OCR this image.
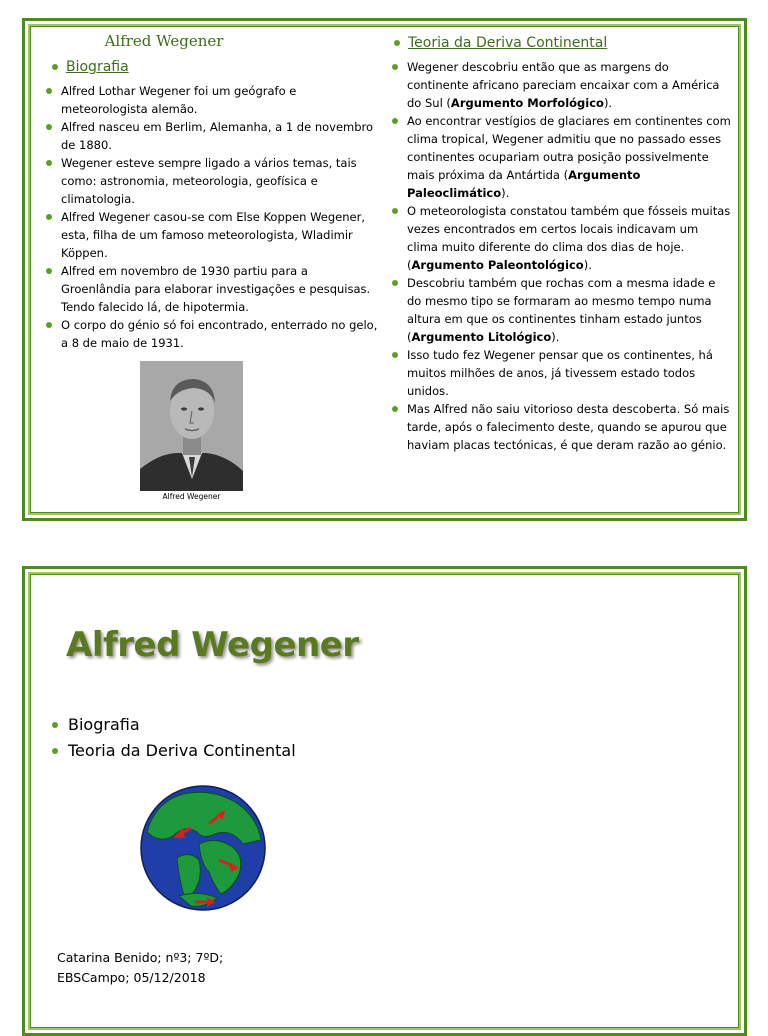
Alfred Wegener
Biografia
Alfred Lothar Wegener foi um geógrafo e meteorologista alemão.
Alfred nasceu em Berlim, Alemanha, a 1 de novembro de 1880.
Wegener esteve sempre ligado a vários temas, tais como: astronomia, meteorologia, geofísica e climatologia.
Alfred Wegener casou-se com Else Koppen Wegener, esta, filha de um famoso meteorologista, Wladimir Köppen.
Alfred em novembro de 1930 partiu para a Groenlândia para elaborar investigações e pesquisas. Tendo falecido lá, de hipotermia.
O corpo do génio só foi encontrado, enterrado no gelo, a 8 de maio de 1931.
Alfred Wegener
Teoria da Deriva Continental
Wegener descobriu então que as margens do continente africano pareciam encaixar com a América do Sul (Argumento Morfológico).
Ao encontrar vestígios de glaciares em continentes com clima tropical, Wegener admitiu que no passado esses continentes ocupariam outra posição possivelmente mais próxima da Antártida (Argumento Paleoclimático).
O meteorologista constatou também que fósseis muitas vezes encontrados em certos locais indicavam um clima muito diferente do clima dos dias de hoje. (Argumento Paleontológico).
Descobriu também que rochas com a mesma idade e do mesmo tipo se formaram ao mesmo tempo numa altura em que os continentes tinham estado juntos (Argumento Litológico).
Isso tudo fez Wegener pensar que os continentes, há muitos milhões de anos, já tivessem estado todos unidos.
Mas Alfred não saiu vitorioso desta descoberta. Só mais tarde, após o falecimento deste, quando se apurou que haviam placas tectónicas, é que deram razão ao génio.
Alfred Wegener
Biografia
Teoria da Deriva Continental
Catarina Benido; nº3; 7ºD;
EBSCampo; 05/12/2018
